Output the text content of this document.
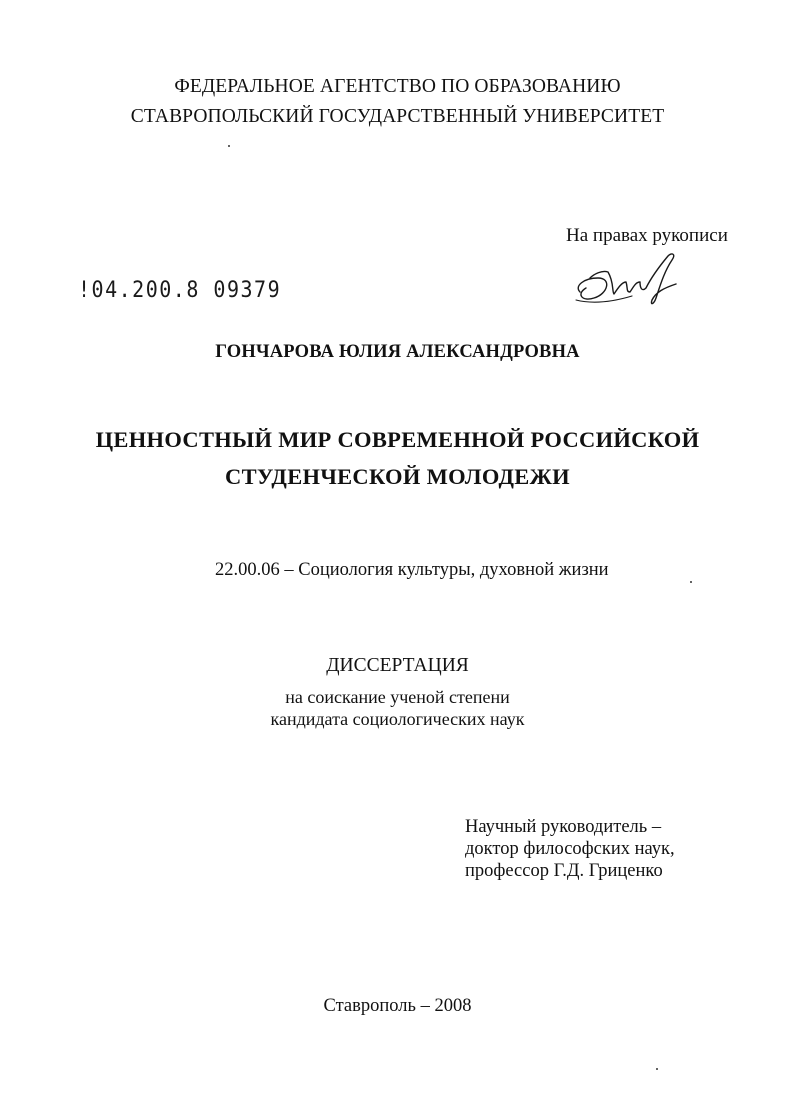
ФЕДЕРАЛЬНОЕ АГЕНТСТВО ПО ОБРАЗОВАНИЮ
СТАВРОПОЛЬСКИЙ ГОСУДАРСТВЕННЫЙ УНИВЕРСИТЕТ
На правах рукописи
!04.200.8 09379
ГОНЧАРОВА ЮЛИЯ АЛЕКСАНДРОВНА
ЦЕННОСТНЫЙ МИР СОВРЕМЕННОЙ РОССИЙСКОЙ
СТУДЕНЧЕСКОЙ МОЛОДЕЖИ
22.00.06 – Социология культуры, духовной жизни
ДИССЕРТАЦИЯ
на соискание ученой степени
кандидата социологических наук
Научный руководитель –
доктор философских наук,
профессор Г.Д. Гриценко
Ставрополь – 2008
